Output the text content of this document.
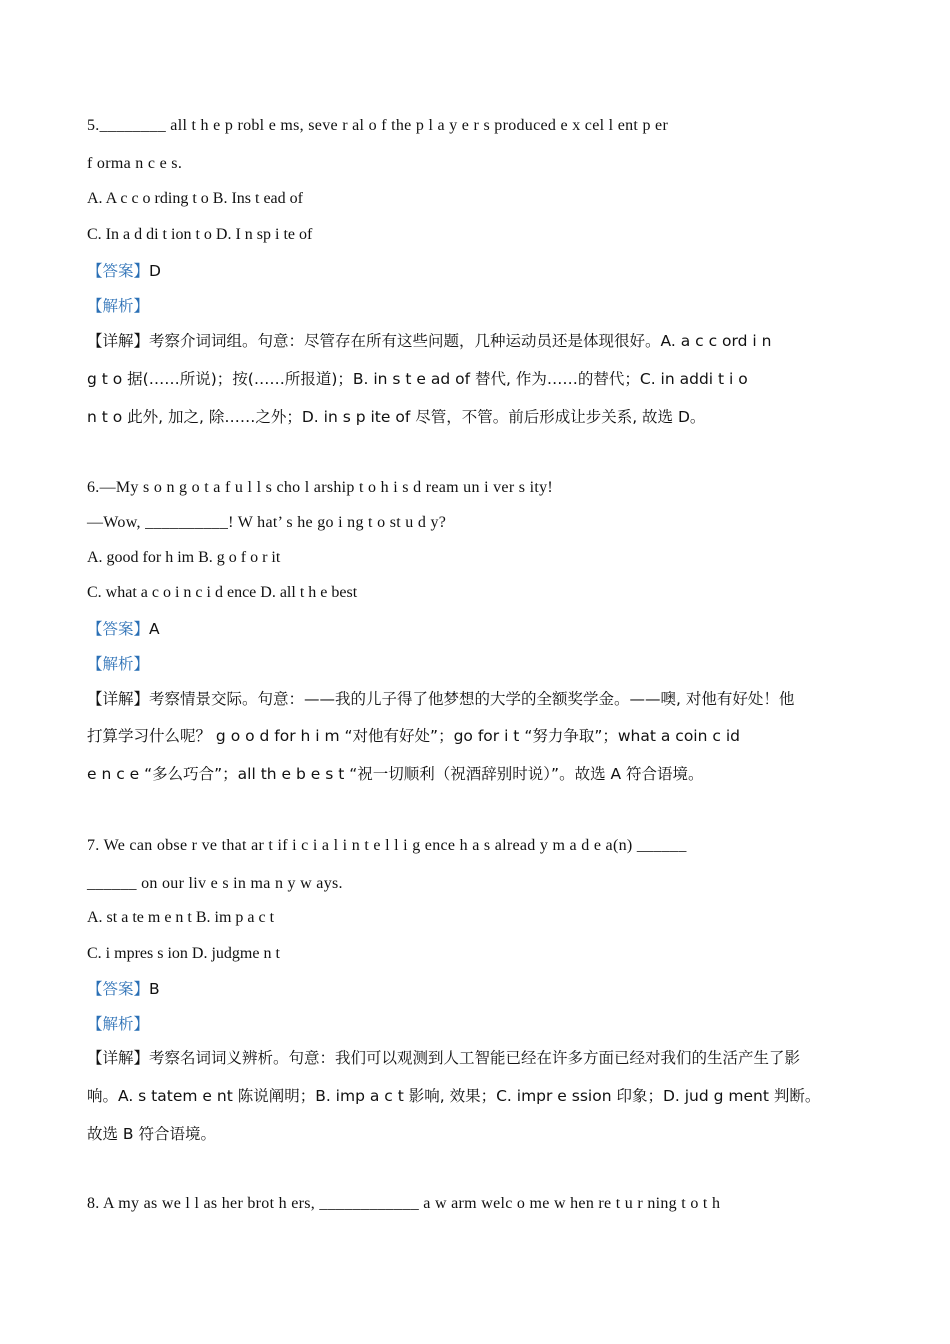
5.________ all t h e p robl e ms, seve r al o f the p l a y e r s produced e x cel l ent p er
f orma n c e s.
A. A c c o rding t o B. Ins t ead of
C. In a d di t ion t o D. I n sp i te of
【答案】D
【解析】
【详解】考察介词词组。句意：尽管存在所有这些问题，几种运动员还是体现很好。A. a c c ord i n
g t o 据(……所说)；按(……所报道)；B. in s t e ad of 替代, 作为……的替代；C. in addi t i o
n t o 此外, 加之, 除……之外；D. in s p ite of 尽管，不管。前后形成让步关系, 故选 D。
6.—My s o n g o t a f u l l s cho l arship t o h i s d ream un i ver s ity!
—Wow, __________! W hat’ s he go i ng t o st u d y?
A. good for h im B. g o f o r it
C. what a c o i n c i d ence D. all t h e best
【答案】A
【解析】
【详解】考察情景交际。句意：——我的儿子得了他梦想的大学的全额奖学金。——噢, 对他有好处！他
打算学习什么呢？ g o o d for h i m “对他有好处”；go for i t “努力争取”；what a coin c id
e n c e “多么巧合”；all th e b e s t “祝一切顺利（祝酒辞别时说）”。故选 A 符合语境。
7. We can obse r ve that ar t if i c i a l i n t e l l i g ence h a s alread y m a d e a(n) ______
______ on our liv e s in ma n y w ays.
A. st a te m e n t B. im p a c t
C. i mpres s ion D. judgme n t
【答案】B
【解析】
【详解】考察名词词义辨析。句意：我们可以观测到人工智能已经在许多方面已经对我们的生活产生了影
响。A. s tatem e nt 陈说阐明；B. imp a c t 影响, 效果；C. impr e ssion 印象；D. jud g ment 判断。
故选 B 符合语境。
8. A my as we l l as her brot h ers, ____________ a w arm welc o me w hen re t u r ning t o t h
